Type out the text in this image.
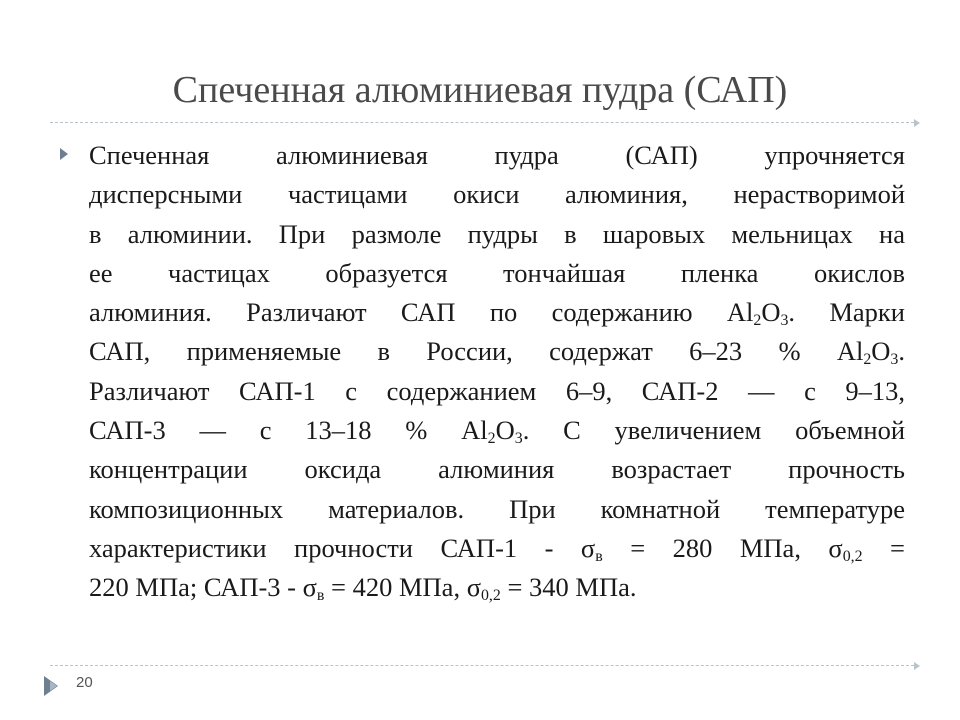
Спеченная алюминиевая пудра (САП)
Спеченная алюминиевая пудра (САП) упрочняется
дисперсными частицами окиси алюминия, нерастворимой
в алюминии. При размоле пудры в шаровых мельницах на
ее частицах образуется тончайшая пленка окислов
алюминия. Различают САП по содержанию $Al_2O_3$. Марки
САП, применяемые в России, содержат 6–23 % $Al_2O_3$.
Различают САП-1 с содержанием 6–9, САП-2 — с 9–13,
САП-3 — с 13–18 % $Al_2O_3$. С увеличением объемной
концентрации оксида алюминия возрастает прочность
композиционных материалов. При комнатной температуре
характеристики прочности $САП-1 - \sigma_в = 280$ МПа, $\sigma_{0,2}$ =
220 МПа; $САП-3 - \sigma_в = 420$ МПа, $\sigma_{0,2} = 340$ МПа.
20
